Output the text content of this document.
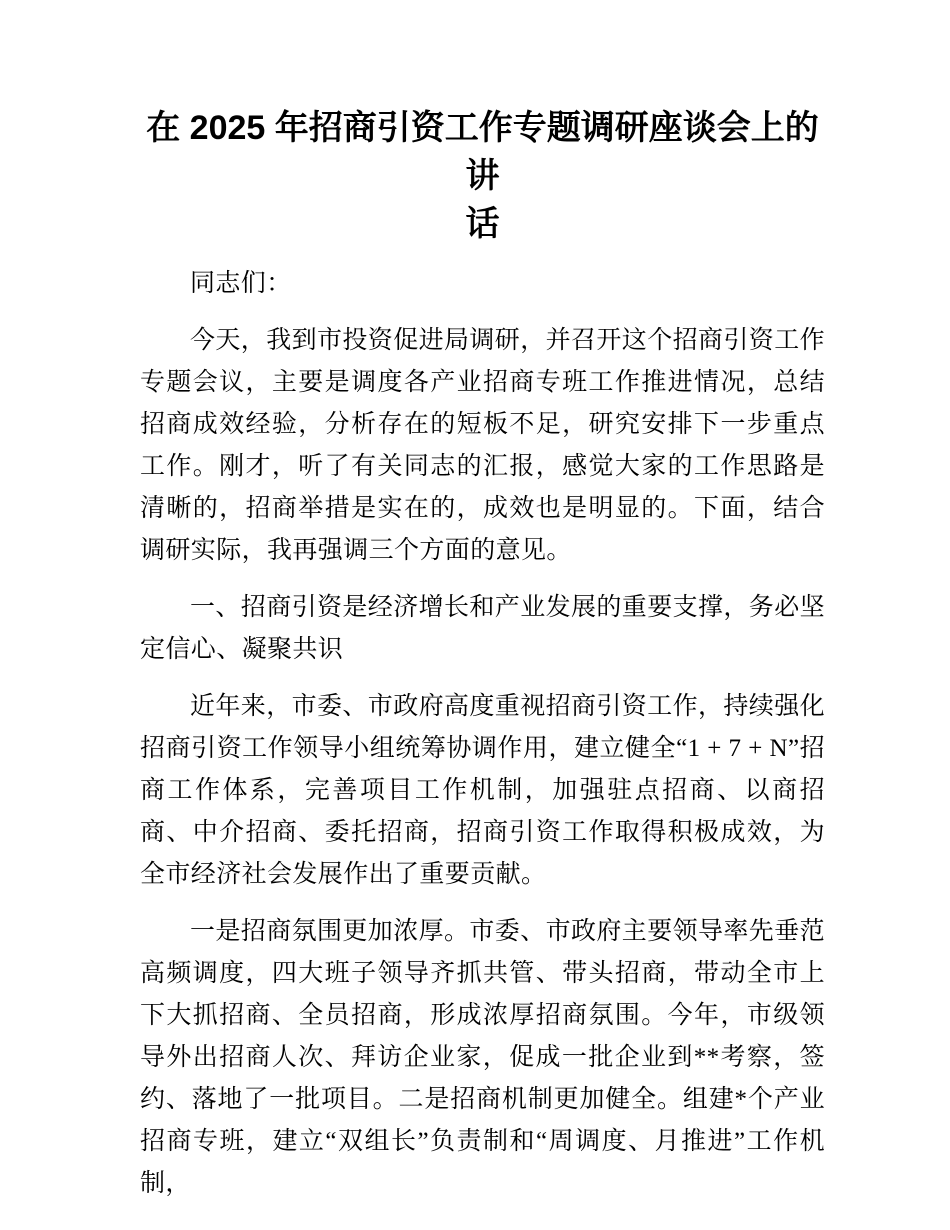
在 2025 年招商引资工作专题调研座谈会上的讲
话

同志们：

今天，我到市投资促进局调研，并召开这个招商引资工作专题会议，主要是调度各产业招商专班工作推进情况，总结招商成效经验，分析存在的短板不足，研究安排下一步重点工作。刚才，听了有关同志的汇报，感觉大家的工作思路是清晰的，招商举措是实在的，成效也是明显的。下面，结合调研实际，我再强调三个方面的意见。

一、招商引资是经济增长和产业发展的重要支撑，务必坚定信心、凝聚共识

近年来，市委、市政府高度重视招商引资工作，持续强化招商引资工作领导小组统筹协调作用，建立健全“1 + 7 + N”招商工作体系，完善项目工作机制，加强驻点招商、以商招商、中介招商、委托招商，招商引资工作取得积极成效，为全市经济社会发展作出了重要贡献。

一是招商氛围更加浓厚。市委、市政府主要领导率先垂范高频调度，四大班子领导齐抓共管、带头招商，带动全市上下大抓招商、全员招商，形成浓厚招商氛围。今年，市级领导外出招商人次、拜访企业家，促成一批企业到**考察，签约、落地了一批项目。二是招商机制更加健全。组建*个产业招商专班，建立“双组长”负责制和“周调度、月推进”工作机制，
